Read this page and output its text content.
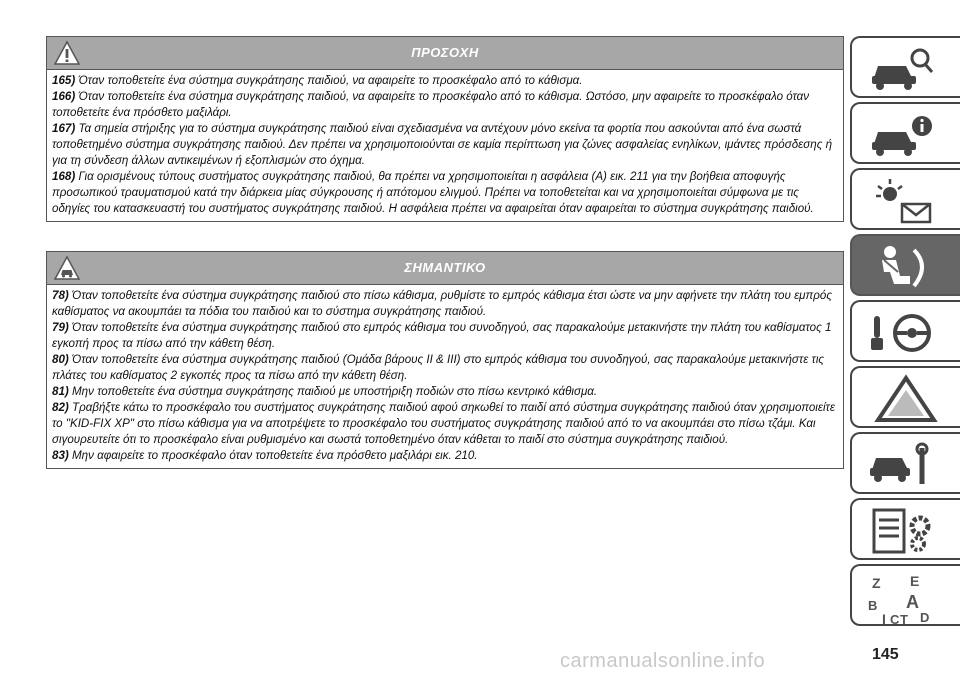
ΠΡΟΣΟΧΗ

165) Όταν τοποθετείτε ένα σύστημα συγκράτησης παιδιού, να αφαιρείτε το προσκέφαλο από το κάθισμα.

166) Όταν τοποθετείτε ένα σύστημα συγκράτησης παιδιού, να αφαιρείτε το προσκέφαλο από το κάθισμα. Ωστόσο, μην αφαιρείτε το προσκέφαλο όταν τοποθετείτε ένα πρόσθετο μαξιλάρι.

167) Τα σημεία στήριξης για το σύστημα συγκράτησης παιδιού είναι σχεδιασμένα να αντέχουν μόνο εκείνα τα φορτία που ασκούνται από ένα σωστά τοποθετημένο σύστημα συγκράτησης παιδιού. Δεν πρέπει να χρησιμοποιούνται σε καμία περίπτωση για ζώνες ασφαλείας ενηλίκων, ιμάντες πρόσδεσης ή για τη σύνδεση άλλων αντικειμένων ή εξοπλισμών στο όχημα.

168) Για ορισμένους τύπους συστήματος συγκράτησης παιδιού, θα πρέπει να χρησιμοποιείται η ασφάλεια (A) εικ. 211 για την βοήθεια αποφυγής προσωπικού τραυματισμού κατά την διάρκεια μίας σύγκρουσης ή απότομου ελιγμού. Πρέπει να τοποθετείται και να χρησιμοποιείται σύμφωνα με τις οδηγίες του κατασκευαστή του συστήματος συγκράτησης παιδιού. Η ασφάλεια πρέπει να αφαιρείται όταν αφαιρείται το σύστημα συγκράτησης παιδιού.

ΣΗΜΑΝΤΙΚΟ

78) Όταν τοποθετείτε ένα σύστημα συγκράτησης παιδιού στο πίσω κάθισμα, ρυθμίστε το εμπρός κάθισμα έτσι ώστε να μην αφήνετε την πλάτη του εμπρός καθίσματος να ακουμπάει τα πόδια του παιδιού και το σύστημα συγκράτησης παιδιού.

79) Όταν τοποθετείτε ένα σύστημα συγκράτησης παιδιού στο εμπρός κάθισμα του συνοδηγού, σας παρακαλούμε μετακινήστε την πλάτη του καθίσματος 1 εγκοπή προς τα πίσω από την κάθετη θέση.

80) Όταν τοποθετείτε ένα σύστημα συγκράτησης παιδιού (Ομάδα βάρους II & III) στο εμπρός κάθισμα του συνοδηγού, σας παρακαλούμε μετακινήστε τις πλάτες του καθίσματος 2 εγκοπές προς τα πίσω από την κάθετη θέση.

81) Μην τοποθετείτε ένα σύστημα συγκράτησης παιδιού με υποστήριξη ποδιών στο πίσω κεντρικό κάθισμα.

82) Τραβήξτε κάτω το προσκέφαλο του συστήματος συγκράτησης παιδιού αφού σηκωθεί το παιδί από σύστημα συγκράτησης παιδιού όταν χρησιμοποιείτε το "KID-FIX XP" στο πίσω κάθισμα για να αποτρέψετε το προσκέφαλο του συστήματος συγκράτησης παιδιού από το να ακουμπάει στο πίσω τζάμι. Και σιγουρευτείτε ότι το προσκέφαλο είναι ρυθμισμένο και σωστά τοποθετημένο όταν κάθεται το παιδί στο σύστημα συγκράτησης παιδιού.

83) Μην αφαιρείτε το προσκέφαλο όταν τοποθετείτε ένα πρόσθετο μαξιλάρι εικ. 210.

Z E
B A
I C T D
carmanualsonline.info	145
